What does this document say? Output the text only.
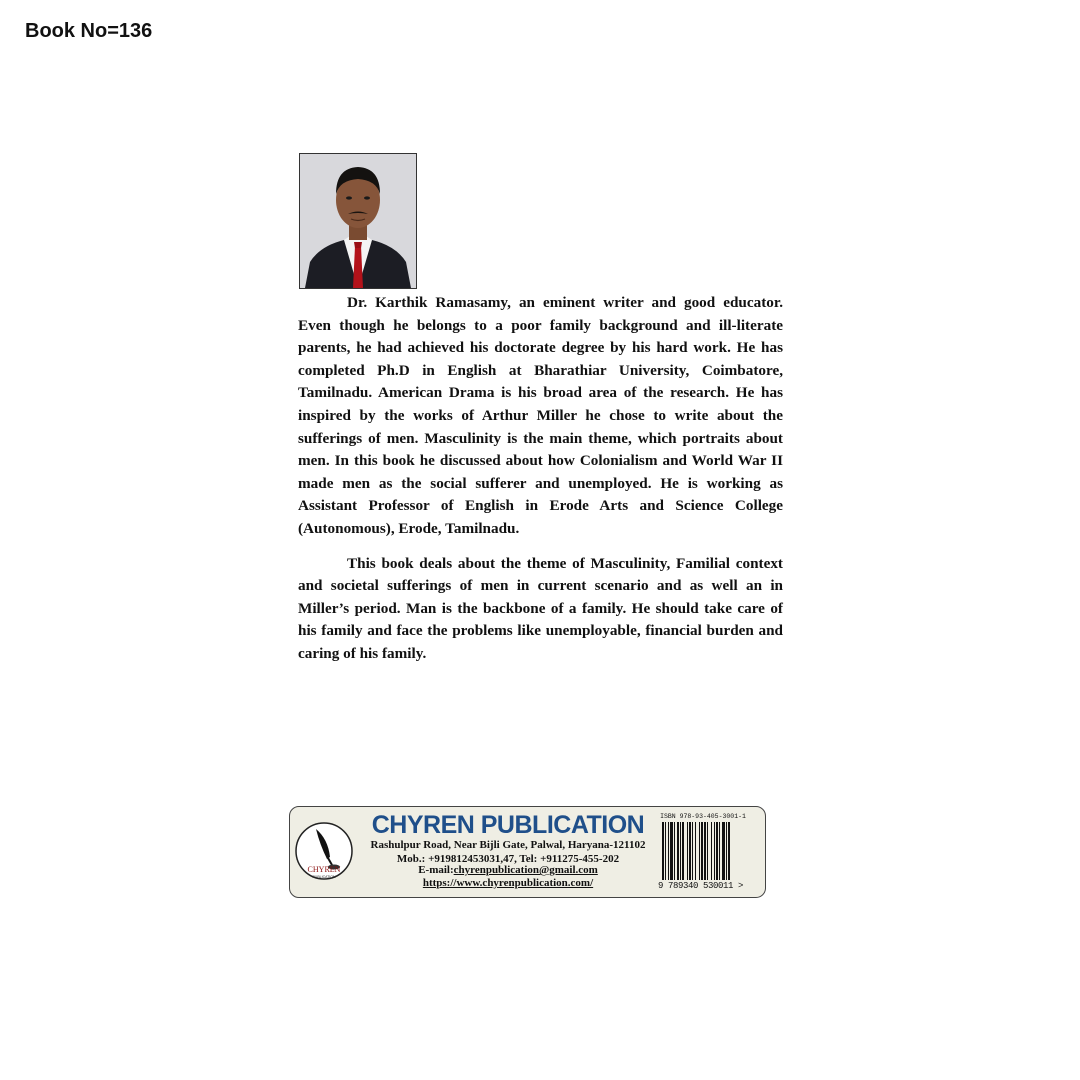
Book No=136

Dr. Karthik Ramasamy, an eminent writer and good educator. Even though he belongs to a poor family background and ill-literate parents, he had achieved his doctorate degree by his hard work. He has completed Ph.D in English at Bharathiar University, Coimbatore, Tamilnadu. American Drama is his broad area of the research. He has inspired by the works of Arthur Miller he chose to write about the sufferings of men. Masculinity is the main theme, which portraits about men. In this book he discussed about how Colonialism and World War II made men as the social sufferer and unemployed. He is working as Assistant Professor of English in Erode Arts and Science College (Autonomous), Erode, Tamilnadu.

This book deals about the theme of Masculinity, Familial context and societal sufferings of men in current scenario and as well an in Miller’s period. Man is the backbone of a family. He should take care of his family and face the problems like unemployable, financial burden and caring of his family.

CHYREN
PUBLICATION
CHYREN PUBLICATION
Rashulpur Road, Near Bijli Gate, Palwal, Haryana-121102
Mob.: +919812453031,47, Tel: +911275-455-202
E-mail:chyrenpublication@gmail.com
https://www.chyrenpublication.com/
ISBN 978-93-405-3001-1
9 789340 530011 >
